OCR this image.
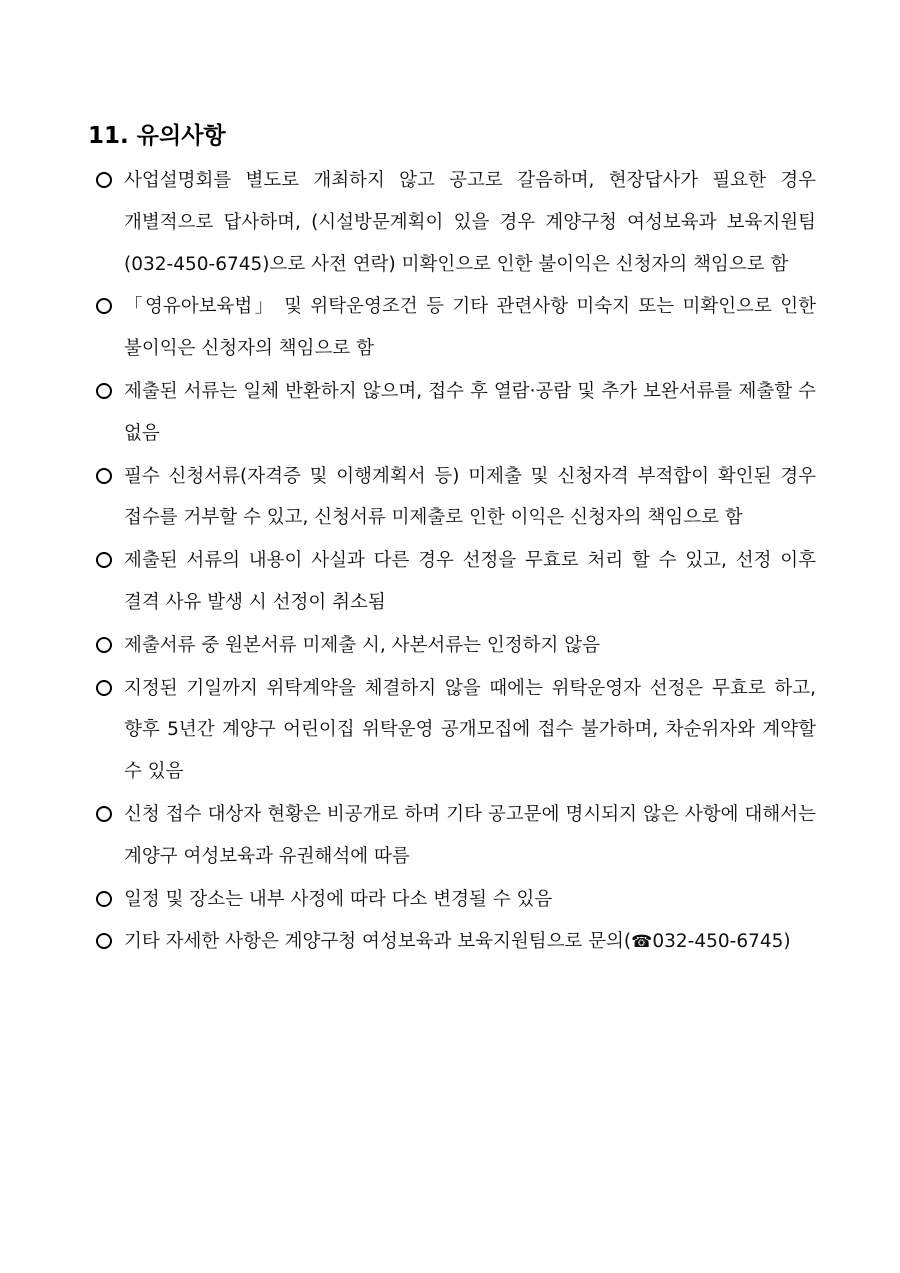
11. 유의사항
사업설명회를 별도로 개최하지 않고 공고로 갈음하며, 현장답사가 필요한 경우 개별적으로 답사하며, (시설방문계획이 있을 경우 계양구청 여성보육과 보육지원팀 (032-450-6745)으로 사전 연락) 미확인으로 인한 불이익은 신청자의 책임으로 함
「영유아보육법」 및 위탁운영조건 등 기타 관련사항 미숙지 또는 미확인으로 인한 불이익은 신청자의 책임으로 함
제출된 서류는 일체 반환하지 않으며, 접수 후 열람·공람 및 추가 보완서류를 제출할 수 없음
필수 신청서류(자격증 및 이행계획서 등) 미제출 및 신청자격 부적합이 확인된 경우 접수를 거부할 수 있고, 신청서류 미제출로 인한 이익은 신청자의 책임으로 함
제출된 서류의 내용이 사실과 다른 경우 선정을 무효로 처리 할 수 있고, 선정 이후 결격 사유 발생 시 선정이 취소됨
제출서류 중 원본서류 미제출 시, 사본서류는 인정하지 않음
지정된 기일까지 위탁계약을 체결하지 않을 때에는 위탁운영자 선정은 무효로 하고, 향후 5년간 계양구 어린이집 위탁운영 공개모집에 접수 불가하며, 차순위자와 계약할 수 있음
신청 접수 대상자 현황은 비공개로 하며 기타 공고문에 명시되지 않은 사항에 대해서는 계양구 여성보육과 유권해석에 따름
일정 및 장소는 내부 사정에 따라 다소 변경될 수 있음
기타 자세한 사항은 계양구청 여성보육과 보육지원팀으로 문의(☎032-450-6745)
